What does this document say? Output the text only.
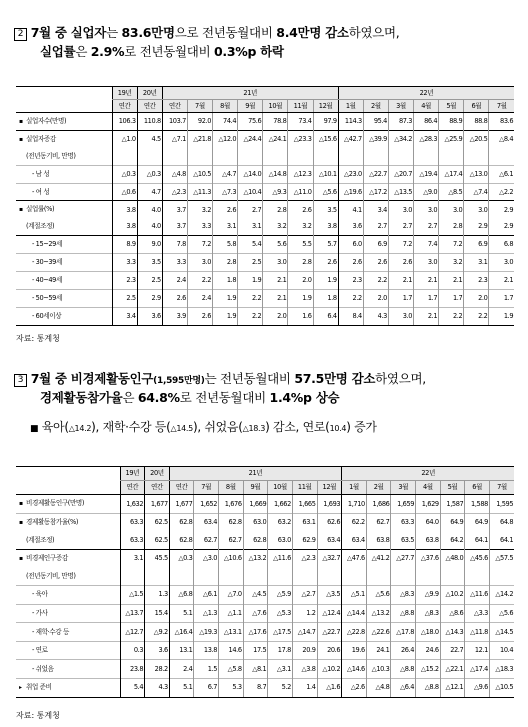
2 7월 중 실업자는 83.6만명으로 전년동월대비 8.4만명 감소하였으며,
실업률은 2.9%로 전년동월대비 0.3%p 하락
	19년	20년	21년							22년						
	연간	연간	연간	7월	8월	9월	10월	11월	12월	1월	2월	3월	4월	5월	6월	7월
▪ 실업자수(만명)	106.3	110.8	103.7	92.0	74.4	75.6	78.8	73.4	97.9	114.3	95.4	87.3	86.4	88.9	88.8	83.6
▪ 실업자증감	△1.0	4.5	△7.1	△21.8	△12.0	△24.4	△24.1	△23.3	△15.6	△42.7	△39.9	△34.2	△28.3	△25.9	△20.5	△8.4
(전년동기비, 만명)																
- 남 성	△0.3	△0.3	△4.8	△10.5	△4.7	△14.0	△14.8	△12.3	△10.1	△23.0	△22.7	△20.7	△19.4	△17.4	△13.0	△6.1
- 여 성	△0.6	4.7	△2.3	△11.3	△7.3	△10.4	△9.3	△11.0	△5.6	△19.6	△17.2	△13.5	△9.0	△8.5	△7.4	△2.2
▪ 실업률(%)	3.8	4.0	3.7	3.2	2.6	2.7	2.8	2.6	3.5	4.1	3.4	3.0	3.0	3.0	3.0	2.9
(계절조정)	3.8	4.0	3.7	3.3	3.1	3.1	3.2	3.2	3.8	3.6	2.7	2.7	2.7	2.8	2.9	2.9
- 15~29세	8.9	9.0	7.8	7.2	5.8	5.4	5.6	5.5	5.7	6.0	6.9	7.2	7.4	7.2	6.9	6.8
- 30~39세	3.3	3.5	3.3	3.0	2.8	2.5	3.0	2.8	2.6	2.6	2.6	2.6	3.0	3.2	3.1	3.0
- 40~49세	2.3	2.5	2.4	2.2	1.8	1.9	2.1	2.0	1.9	2.3	2.2	2.1	2.1	2.1	2.3	2.1
- 50~59세	2.5	2.9	2.6	2.4	1.9	2.2	2.1	1.9	1.8	2.2	2.0	1.7	1.7	1.7	2.0	1.7
- 60세이상	3.4	3.6	3.9	2.6	1.9	2.2	2.0	1.6	6.4	8.4	4.3	3.0	2.1	2.2	2.2	1.9
자료: 통계청
3 7월 중 비경제활동인구(1,595만명)는 전년동월대비 57.5만명 감소하였으며,
경제활동참가율은 64.8%로 전년동월대비 1.4%p 상승
■ 육아(△14.2), 재학·수강 등(△14.5), 쉬었음(△18.3) 감소, 연로(10.4) 증가
	19년	20년	21년							22년						
	연간	연간	연간	7월	8월	9월	10월	11월	12월	1월	2월	3월	4월	5월	6월	7월
▪ 비경제활동인구(만명)	1,632	1,677	1,677	1,652	1,676	1,669	1,662	1,665	1,693	1,710	1,686	1,659	1,629	1,587	1,588	1,595
▪ 경제활동참가율(%)	63.3	62.5	62.8	63.4	62.8	63.0	63.2	63.1	62.6	62.2	62.7	63.3	64.0	64.9	64.9	64.8
(계절조정)	63.3	62.5	62.8	62.7	62.7	62.8	63.0	62.9	63.4	63.4	63.8	63.5	63.8	64.2	64.1	64.1
▪ 비경제인구증감	3.1	45.5	△0.3	△3.0	△10.6	△13.2	△11.6	△2.3	△32.7	△47.6	△41.2	△27.7	△37.6	△48.0	△45.6	△57.5
(전년동기비, 만명)																
- 육아	△1.5	1.3	△6.8	△6.1	△7.0	△4.5	△5.9	△2.7	△3.5	△5.1	△5.6	△8.3	△9.9	△10.2	△11.6	△14.2
- 가사	△13.7	15.4	5.1	△1.3	△1.1	△7.6	△5.3	1.2	△12.4	△14.4	△13.2	△8.8	△8.3	△8.6	△3.3	△5.6
- 재학·수강 등	△12.7	△9.2	△16.4	△19.3	△13.1	△17.6	△17.5	△14.7	△22.7	△22.8	△22.6	△17.8	△18.0	△14.3	△11.8	△14.5
- 연로	0.3	3.6	13.1	13.8	14.6	17.5	17.8	20.9	20.6	19.6	24.1	26.4	24.6	22.7	12.1	10.4
- 쉬었음	23.8	28.2	2.4	1.5	△5.8	△8.1	△3.1	△3.8	△10.2	△14.6	△10.3	△8.8	△15.2	△22.1	△17.4	△18.3
▸ 취업 준비	5.4	4.3	5.1	6.7	5.3	8.7	5.2	1.4	△1.6	△2.6	△4.8	△6.4	△8.8	△12.1	△9.6	△10.5
자료: 통계청
